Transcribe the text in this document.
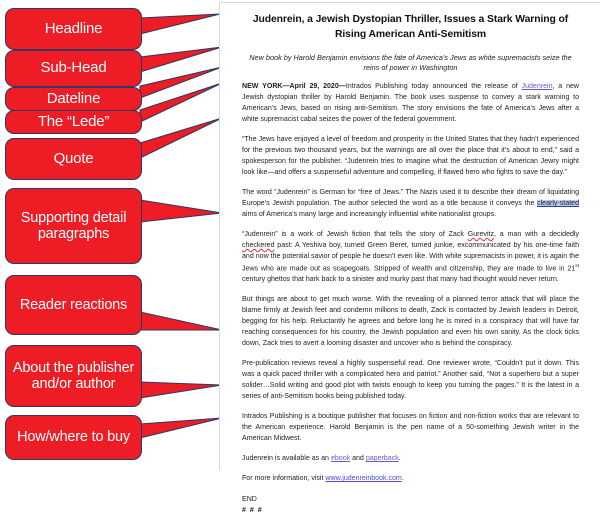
Headline
Sub-Head
Dateline
The “Lede”
Quote
Supporting detail paragraphs
Reader reactions
About the publisher and/or author
How/where to buy

Judenrein, a Jewish Dystopian Thriller, Issues a Stark Warning of Rising American Anti-Semitism

New book by Harold Benjamin envisions the fate of America’s Jews as white supremacists seize the reins of power in Washington

NEW YORK—April 29, 2020—Intrados Publishing today announced the release of Judenrein, a new Jewish dystopian thriller by Harold Benjamin. The book uses suspense to convey a stark warning to American’s Jews, based on rising anti-Semitism. The story envisions the fate of America’s Jews after a white supremacist cabal seizes the power of the federal government.

“The Jews have enjoyed a level of freedom and prosperity in the United States that they hadn’t experienced for the previous two thousand years, but the warnings are all over the place that it’s about to end,” said a spokesperson for the publisher. “Judenrein tries to imagine what the destruction of American Jewry might look like—and offers a suspenseful adventure and compelling, if flawed hero who fights to save the day.”

The word “Judenrein” is German for “free of Jews.” The Nazis used it to describe their dream of liquidating Europe’s Jewish population. The author selected the word as a title because it conveys the clearly-stated aims of America’s many large and increasingly influential white nationalist groups.

“Judenrein” is a work of Jewish fiction that tells the story of Zack Gurevitz, a man with a decidedly checkered past: A Yeshiva boy, turned Green Beret, turned junkie, excommunicated by his one-time faith and now the potential savior of people he doesn’t even like. With white supremacists in power, it is again the Jews who are made out as scapegoats. Stripped of wealth and citizenship, they are made to live in 21st century ghettos that hark back to a sinister and murky past that many had thought would never return.

But things are about to get much worse. With the revealing of a planned terror attack that will place the blame firmly at Jewish feet and condemn millions to death, Zack is contacted by Jewish leaders in Detroit, begging for his help. Reluctantly he agrees and before long he is mired in a conspiracy that will have far reaching consequences for his country, the Jewish population and even his own sanity. As the clock ticks down, Zack tries to avert a looming disaster and uncover who is behind the conspiracy.

Pre-publication reviews reveal a highly suspenseful read. One reviewer wrote, “Couldn’t put it down. This was a quick paced thriller with a complicated hero and patriot.” Another said, “Not a superhero but a super solider…Solid writing and good plot with twists enough to keep you turning the pages.” It is the latest in a series of anti-Semitism books being published today.

Intrados Publishing is a boutique publisher that focuses on fiction and non-fiction works that are relevant to the American experience. Harold Benjamin is the pen name of a 50-something Jewish writer in the American Midwest.

Judenrein is available as an ebook and paperback.

For more information, visit www.judenreinbook.com.

END

# # #
